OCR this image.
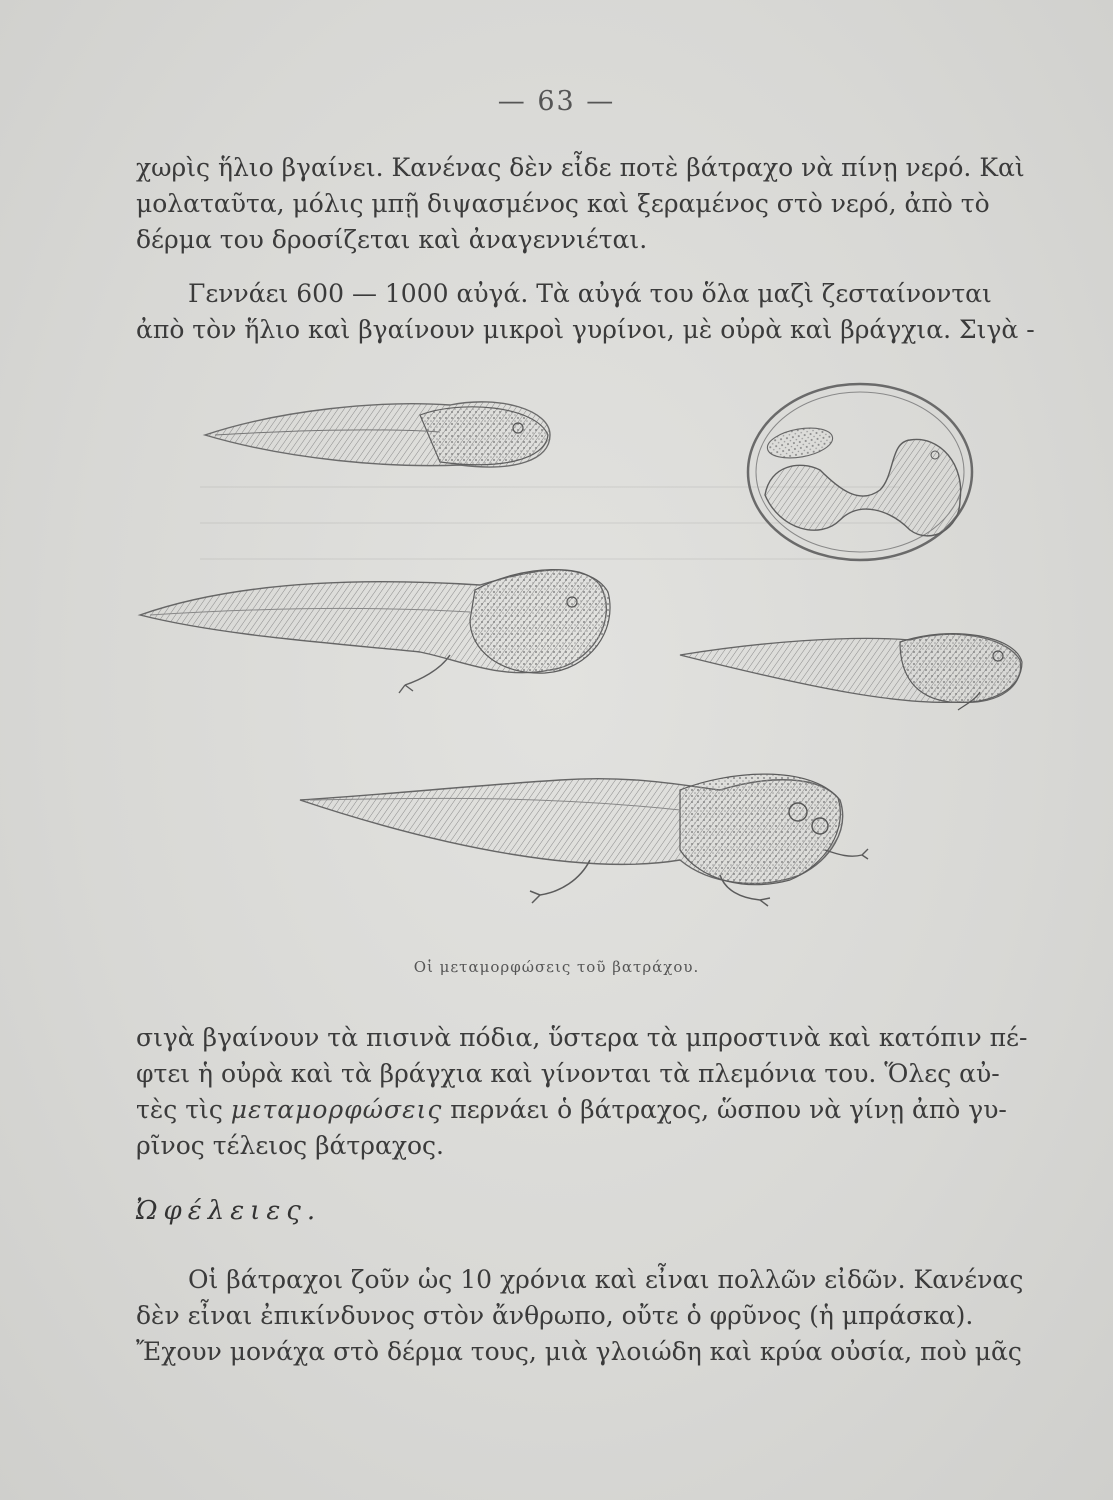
— 63 —
χωρὶς ἥλιο βγαίνει. Κανένας δὲν εἶδε ποτὲ βάτραχο νὰ πίνῃ νερό. Καὶ
μολαταῦτα, μόλις μπῇ διψασμένος καὶ ξεραμένος στὸ νερό, ἀπὸ τὸ
δέρμα του δροσίζεται καὶ ἀναγεννιέται.
Γεννάει 600 — 1000 αὐγά. Τὰ αὐγά του ὅλα μαζὶ ζεσταίνονται
ἀπὸ τὸν ἥλιο καὶ βγαίνουν μικροὶ γυρίνοι, μὲ οὐρὰ καὶ βράγχια. Σιγὰ -
Οἱ μεταμορφώσεις τοῦ βατράχου.
σιγὰ βγαίνουν τὰ πισινὰ πόδια, ὕστερα τὰ μπροστινὰ καὶ κατόπιν πέ-
φτει ἡ οὐρὰ καὶ τὰ βράγχια καὶ γίνονται τὰ πλεμόνια του. Ὅλες αὐ-
τὲς τὶς μεταμορφώσεις περνάει ὁ βάτραχος, ὥσπου νὰ γίνῃ ἀπὸ γυ-
ρῖνος τέλειος βάτραχος.
Ὠφέλειες.
Οἱ βάτραχοι ζοῦν ὡς 10 χρόνια καὶ εἶναι πολλῶν εἰδῶν. Κανένας
δὲν εἶναι ἐπικίνδυνος στὸν ἄνθρωπο, οὔτε ὁ φρῦνος (ἡ μπράσκα).
Ἔχουν μονάχα στὸ δέρμα τους, μιὰ γλοιώδη καὶ κρύα οὐσία, ποὺ μᾶς
